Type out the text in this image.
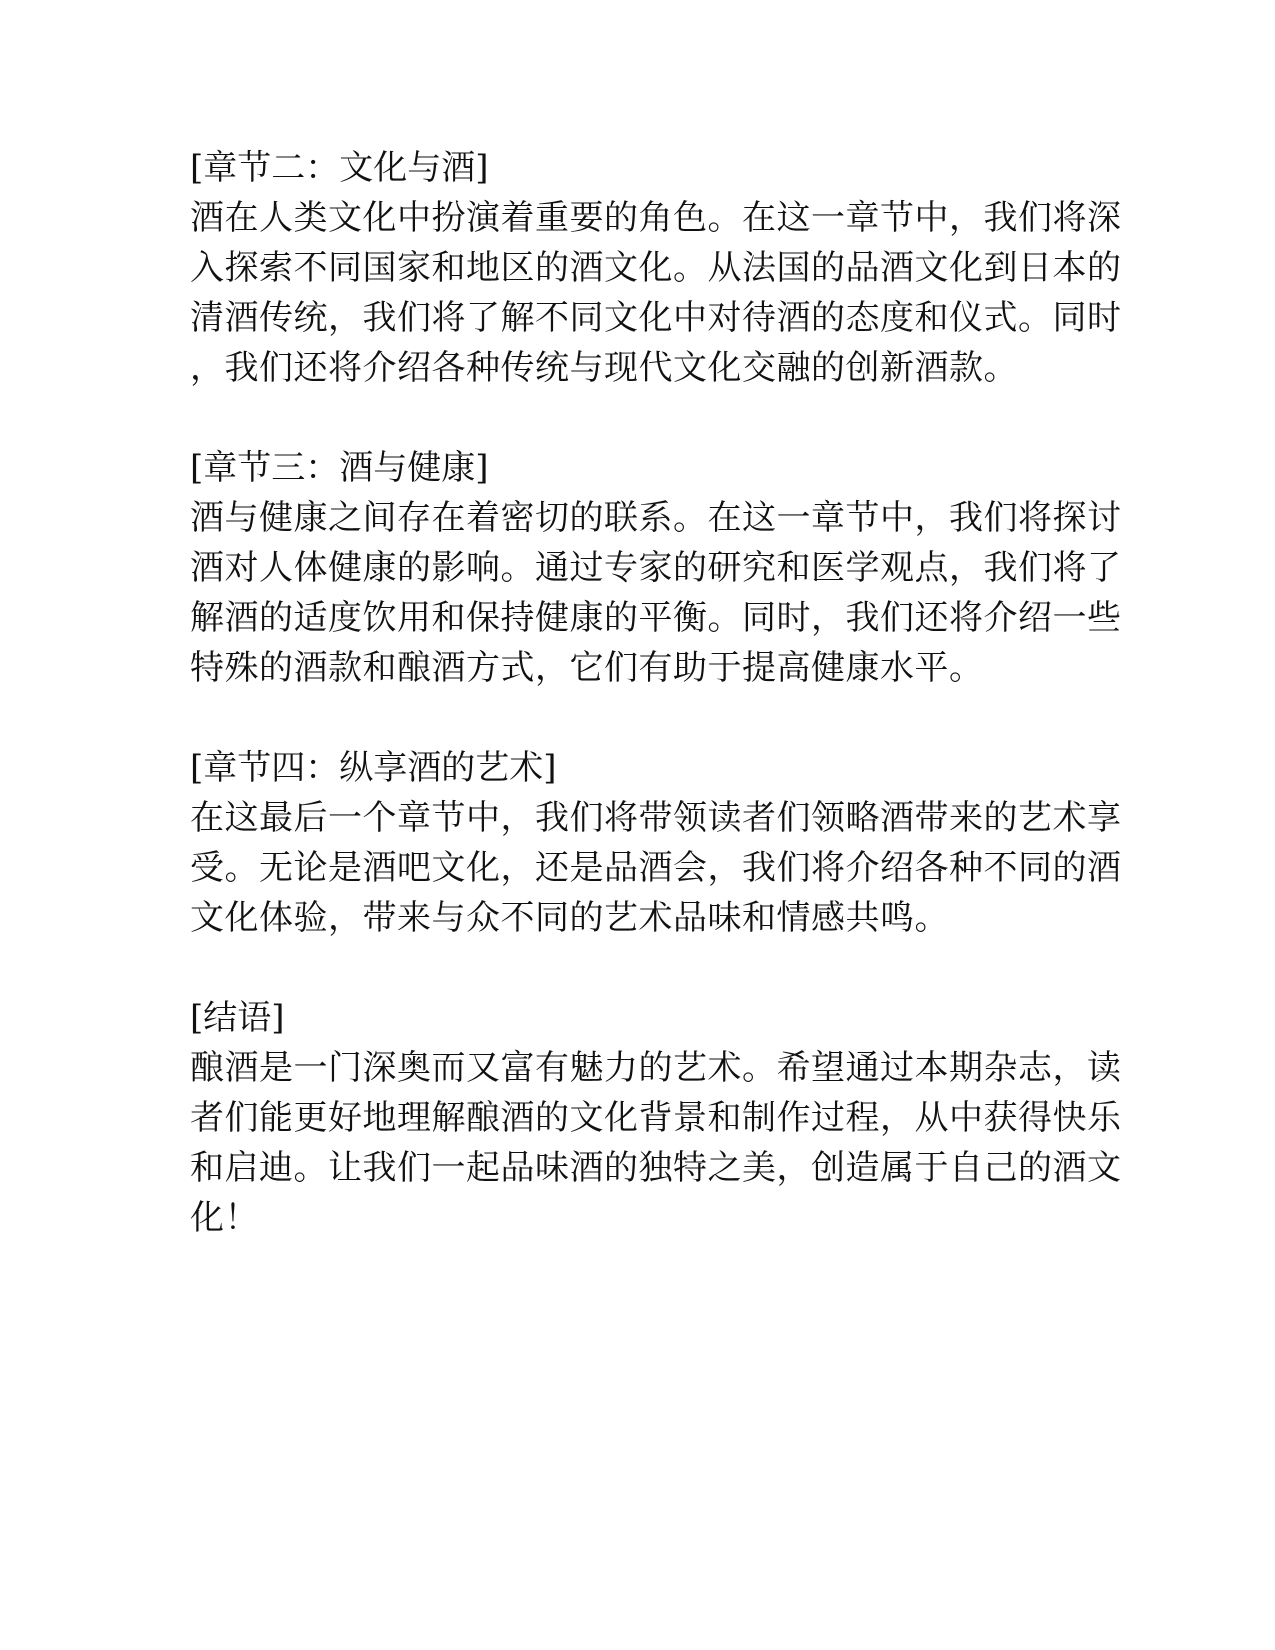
[章节二：文化与酒]
酒在人类文化中扮演着重要的角色。在这一章节中，我们将深
入探索不同国家和地区的酒文化。从法国的品酒文化到日本的
清酒传统，我们将了解不同文化中对待酒的态度和仪式。同时
，我们还将介绍各种传统与现代文化交融的创新酒款。
[章节三：酒与健康]
酒与健康之间存在着密切的联系。在这一章节中，我们将探讨
酒对人体健康的影响。通过专家的研究和医学观点，我们将了
解酒的适度饮用和保持健康的平衡。同时，我们还将介绍一些
特殊的酒款和酿酒方式，它们有助于提高健康水平。
[章节四：纵享酒的艺术]
在这最后一个章节中，我们将带领读者们领略酒带来的艺术享
受。无论是酒吧文化，还是品酒会，我们将介绍各种不同的酒
文化体验，带来与众不同的艺术品味和情感共鸣。
[结语]
酿酒是一门深奥而又富有魅力的艺术。希望通过本期杂志，读
者们能更好地理解酿酒的文化背景和制作过程，从中获得快乐
和启迪。让我们一起品味酒的独特之美，创造属于自己的酒文
化！
